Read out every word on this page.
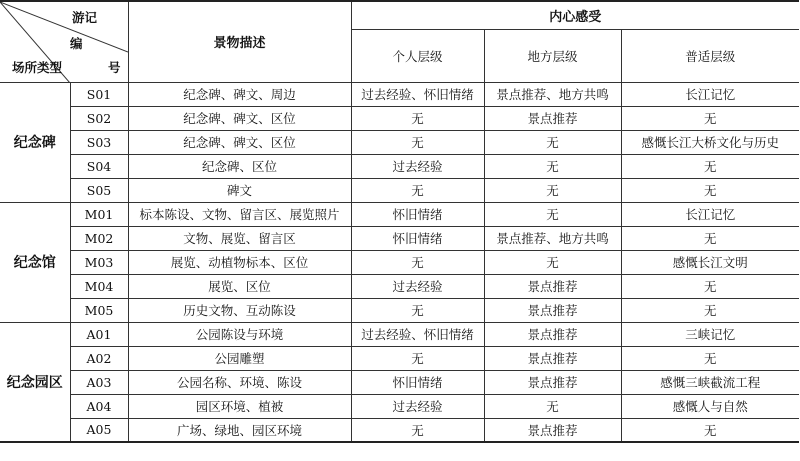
游记
编
场所类型 号		景物描述	内心感受		
			个人层级	地方层级	普适层级
纪念碑	S01	纪念碑、碑文、周边	过去经验、怀旧情绪	景点推荐、地方共鸣	长江记忆
	S02	纪念碑、碑文、区位	无	景点推荐	无
	S03	纪念碑、碑文、区位	无	无	感慨长江大桥文化与历史
	S04	纪念碑、区位	过去经验	无	无
	S05	碑文	无	无	无
纪念馆	M01	标本陈设、文物、留言区、展览照片	怀旧情绪	无	长江记忆
	M02	文物、展览、留言区	怀旧情绪	景点推荐、地方共鸣	无
	M03	展览、动植物标本、区位	无	无	感慨长江文明
	M04	展览、区位	过去经验	景点推荐	无
	M05	历史文物、互动陈设	无	景点推荐	无
纪念园区	A01	公园陈设与环境	过去经验、怀旧情绪	景点推荐	三峡记忆
	A02	公园雕塑	无	景点推荐	无
	A03	公园名称、环境、陈设	怀旧情绪	景点推荐	感慨三峡截流工程
	A04	园区环境、植被	过去经验	无	感慨人与自然
	A05	广场、绿地、园区环境	无	景点推荐	无
